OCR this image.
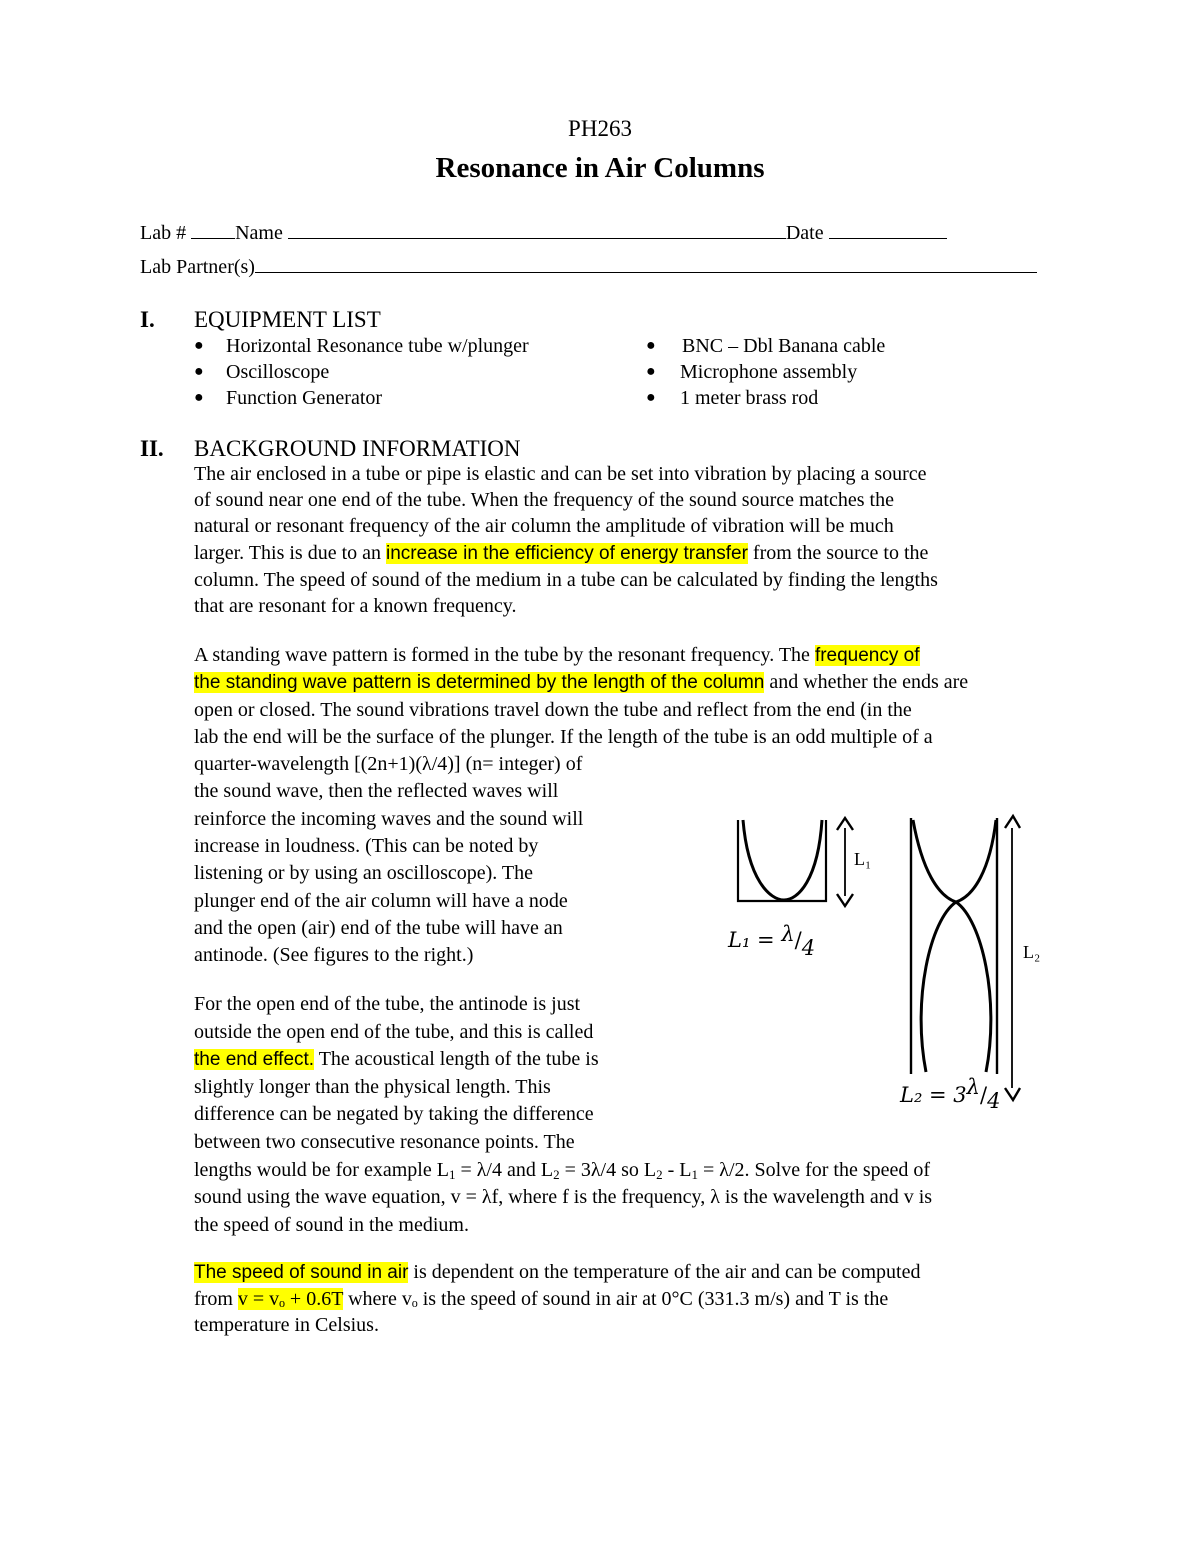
PH263
Resonance in Air Columns
Lab # Name	Date
Lab Partner(s)
I. EQUIPMENT LIST
● Horizontal Resonance tube w/plunger
● Oscilloscope
● Function Generator
● BNC – Dbl Banana cable
● Microphone assembly
● 1 meter brass rod
II. BACKGROUND INFORMATION
The air enclosed in a tube or pipe is elastic and can be set into vibration by placing a source
of sound near one end of the tube. When the frequency of the sound source matches the
natural or resonant frequency of the air column the amplitude of vibration will be much
larger. This is due to an increase in the efficiency of energy transfer from the source to the
column. The speed of sound of the medium in a tube can be calculated by finding the lengths
that are resonant for a known frequency.
A standing wave pattern is formed in the tube by the resonant frequency. The frequency of
the standing wave pattern is determined by the length of the column and whether the ends are
open or closed. The sound vibrations travel down the tube and reflect from the end (in the
lab the end will be the surface of the plunger. If the length of the tube is an odd multiple of a
quarter-wavelength [(2n+1)(λ/4)] (n= integer) of
the sound wave, then the reflected waves will
reinforce the incoming waves and the sound will
increase in loudness. (This can be noted by
listening or by using an oscilloscope). The
plunger end of the air column will have a node
and the open (air) end of the tube will have an
antinode. (See figures to the right.)
For the open end of the tube, the antinode is just
outside the open end of the tube, and this is called
the end effect. The acoustical length of the tube is
slightly longer than the physical length. This
difference can be negated by taking the difference
between two consecutive resonance points. The
lengths would be for example $L_1 = \lambda/4$ and $L_2 = 3\lambda/4$ so $L_2 - L_1 = \lambda/2$. Solve for the speed of
sound using the wave equation, v = λf, where f is the frequency, λ is the wavelength and v is
the speed of sound in the medium.
The speed of sound in air is dependent on the temperature of the air and can be computed
from v = vₒ + 0.6T where vₒ is the speed of sound in air at 0°C (331.3 m/s) and T is the
temperature in Celsius.
L₁
L₁ = λ/4	L₂
L₂ = 3λ/4
